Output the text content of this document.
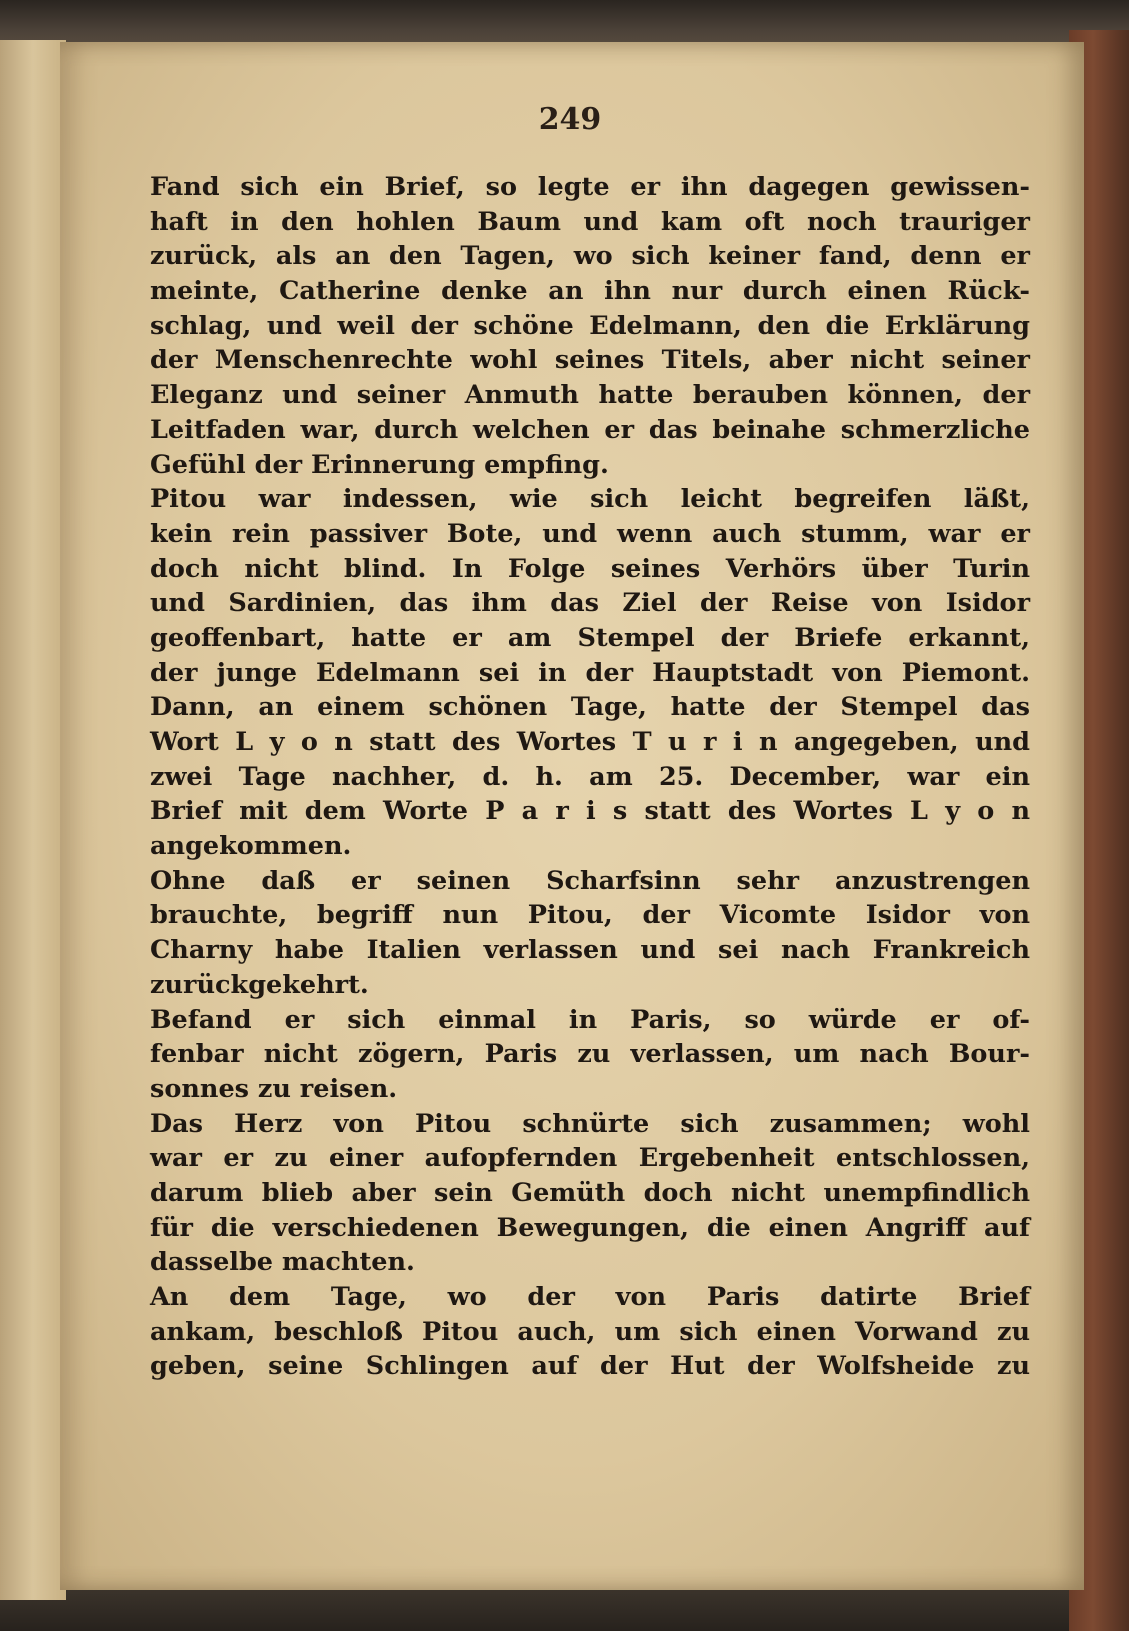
249
Fand sich ein Brief, so legte er ihn dagegen gewissen-
haft in den hohlen Baum und kam oft noch trauriger
zurück, als an den Tagen, wo sich keiner fand, denn er
meinte, Catherine denke an ihn nur durch einen Rück-
schlag, und weil der schöne Edelmann, den die Erklärung
der Menschenrechte wohl seines Titels, aber nicht seiner
Eleganz und seiner Anmuth hatte berauben können, der
Leitfaden war, durch welchen er das beinahe schmerzliche
Gefühl der Erinnerung empfing.
Pitou war indessen, wie sich leicht begreifen läßt,
kein rein passiver Bote, und wenn auch stumm, war er
doch nicht blind. In Folge seines Verhörs über Turin
und Sardinien, das ihm das Ziel der Reise von Isidor
geoffenbart, hatte er am Stempel der Briefe erkannt,
der junge Edelmann sei in der Hauptstadt von Piemont.
Dann, an einem schönen Tage, hatte der Stempel das
Wort L y o n statt des Wortes T u r i n angegeben, und
zwei Tage nachher, d. h. am 25. December, war ein
Brief mit dem Worte P a r i s statt des Wortes L y o n
angekommen.
Ohne daß er seinen Scharfsinn sehr anzustrengen
brauchte, begriff nun Pitou, der Vicomte Isidor von
Charny habe Italien verlassen und sei nach Frankreich
zurückgekehrt.
Befand er sich einmal in Paris, so würde er of-
fenbar nicht zögern, Paris zu verlassen, um nach Bour-
sonnes zu reisen.
Das Herz von Pitou schnürte sich zusammen; wohl
war er zu einer aufopfernden Ergebenheit entschlossen,
darum blieb aber sein Gemüth doch nicht unempfindlich
für die verschiedenen Bewegungen, die einen Angriff auf
dasselbe machten.
An dem Tage, wo der von Paris datirte Brief
ankam, beschloß Pitou auch, um sich einen Vorwand zu
geben, seine Schlingen auf der Hut der Wolfsheide zu
